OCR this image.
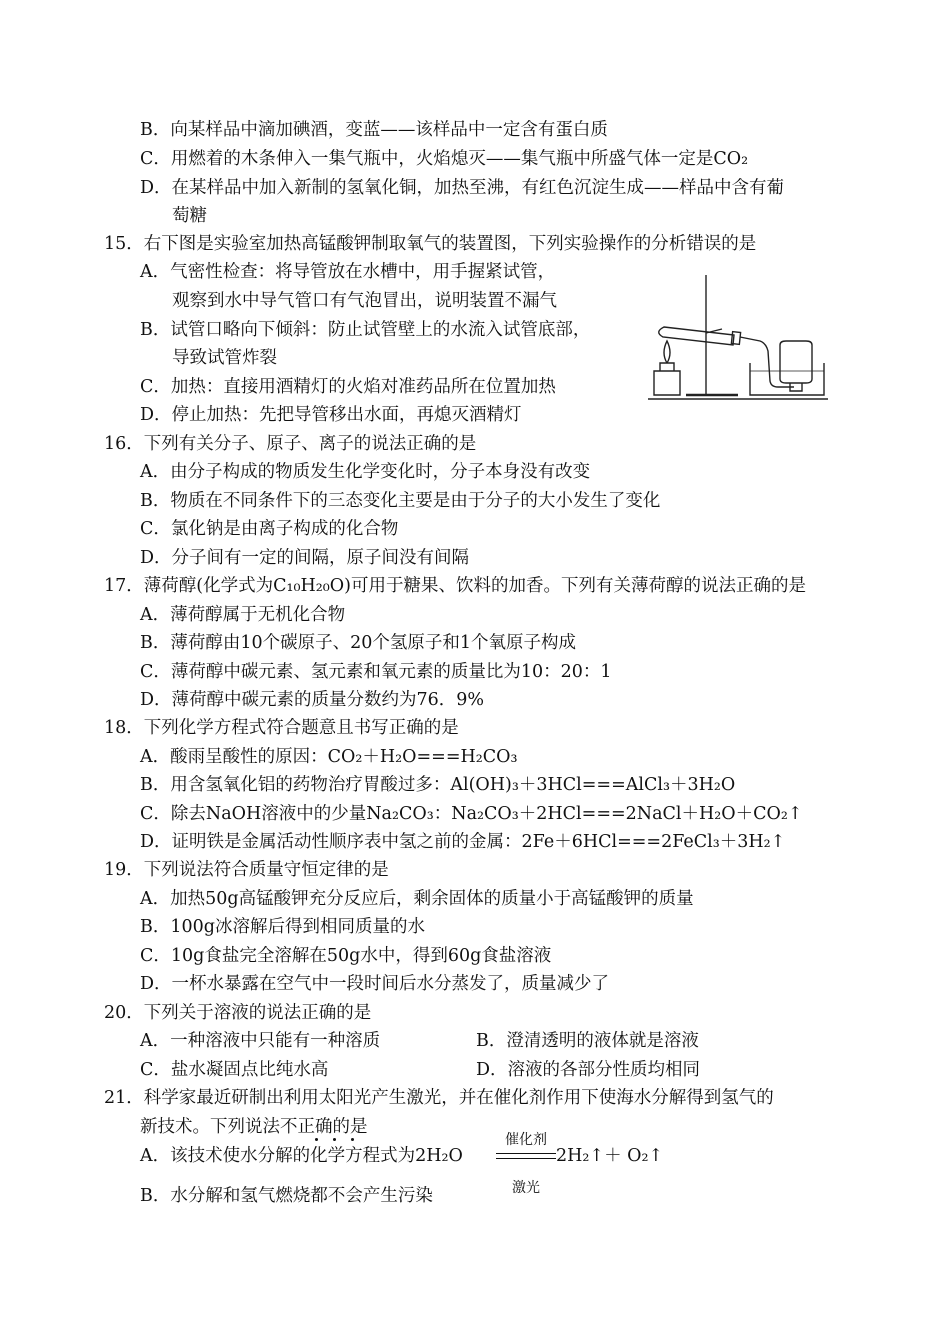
B．向某样品中滴加碘酒，变蓝——该样品中一定含有蛋白质
C．用燃着的木条伸入一集气瓶中，火焰熄灭——集气瓶中所盛气体一定是CO₂
D．在某样品中加入新制的氢氧化铜，加热至沸，有红色沉淀生成——样品中含有葡
萄糖
15．右下图是实验室加热高锰酸钾制取氧气的装置图，下列实验操作的分析错误的是
A．气密性检查：将导管放在水槽中，用手握紧试管，
观察到水中导气管口有气泡冒出，说明装置不漏气
B．试管口略向下倾斜：防止试管壁上的水流入试管底部，
导致试管炸裂
C．加热：直接用酒精灯的火焰对准药品所在位置加热
D．停止加热：先把导管移出水面，再熄灭酒精灯
16．下列有关分子、原子、离子的说法正确的是
A．由分子构成的物质发生化学变化时，分子本身没有改变
B．物质在不同条件下的三态变化主要是由于分子的大小发生了变化
C．氯化钠是由离子构成的化合物
D．分子间有一定的间隔，原子间没有间隔
17．薄荷醇(化学式为C₁₀H₂₀O)可用于糖果、饮料的加香。下列有关薄荷醇的说法正确的是
A．薄荷醇属于无机化合物
B．薄荷醇由10个碳原子、20个氢原子和1个氧原子构成
C．薄荷醇中碳元素、氢元素和氧元素的质量比为10：20：1
D．薄荷醇中碳元素的质量分数约为76．9%
18．下列化学方程式符合题意且书写正确的是
A．酸雨呈酸性的原因：CO₂＋H₂O===H₂CO₃
B．用含氢氧化铝的药物治疗胃酸过多：Al(OH)₃＋3HCl===AlCl₃＋3H₂O
C．除去NaOH溶液中的少量Na₂CO₃：Na₂CO₃＋2HCl===2NaCl＋H₂O＋CO₂↑
D．证明铁是金属活动性顺序表中氢之前的金属：2Fe＋6HCl===2FeCl₃＋3H₂↑
19．下列说法符合质量守恒定律的是
A．加热50g高锰酸钾充分反应后，剩余固体的质量小于高锰酸钾的质量
B．100g冰溶解后得到相同质量的水
C．10g食盐完全溶解在50g水中，得到60g食盐溶液
D．一杯水暴露在空气中一段时间后水分蒸发了，质量减少了
20．下列关于溶液的说法正确的是
A．一种溶液中只能有一种溶质	B．澄清透明的液体就是溶液
C．盐水凝固点比纯水高	D．溶液的各部分性质均相同
21．科学家最近研制出利用太阳光产生激光，并在催化剂作用下使海水分解得到氢气的
新技术。下列说法不正确的是
A．该技术使水分解的化学方程式为2H₂O
催化剂
激光
2H₂↑＋ O₂↑
B．水分解和氢气燃烧都不会产生污染
